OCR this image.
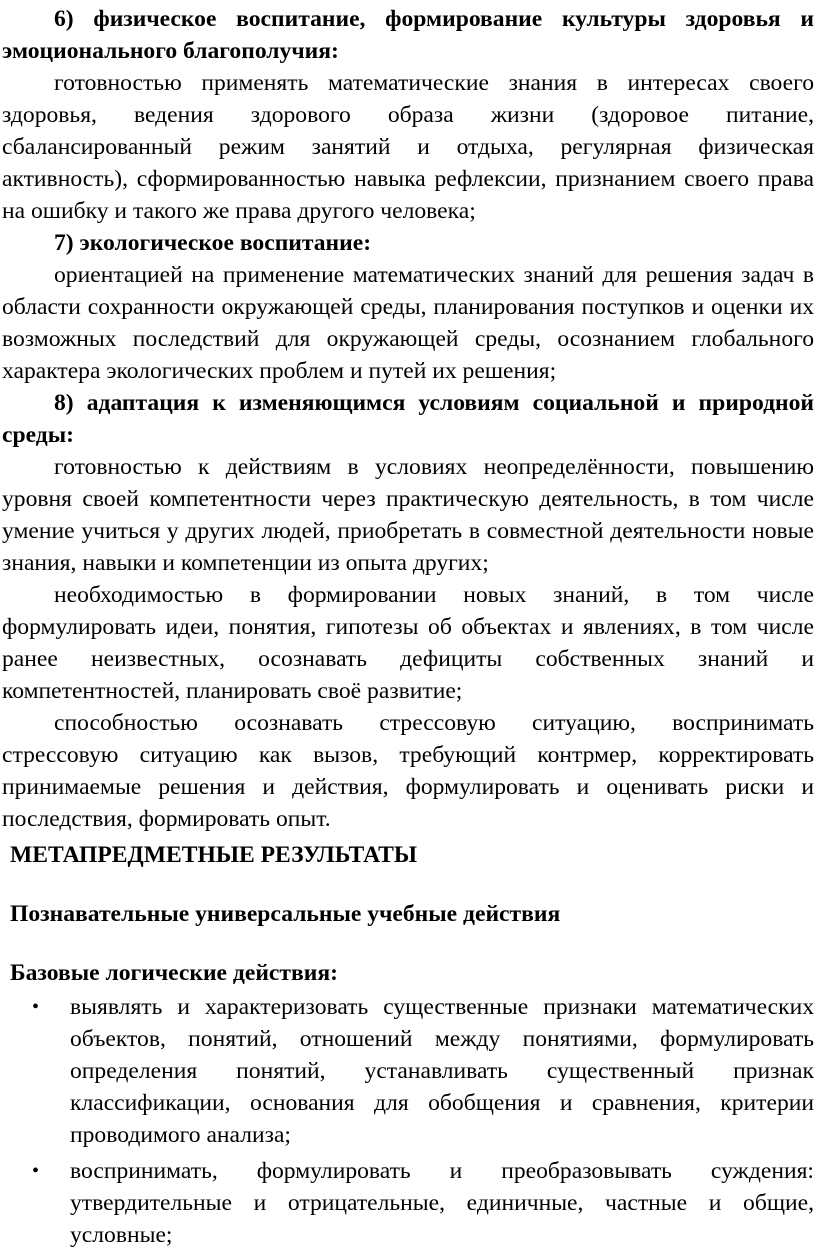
6) физическое воспитание, формирование культуры здоровья и эмоционального благополучия:

готовностью применять математические знания в интересах своего здоровья, ведения здорового образа жизни (здоровое питание, сбалансированный режим занятий и отдыха, регулярная физическая активность), сформированностью навыка рефлексии, признанием своего права на ошибку и такого же права другого человека;

7) экологическое воспитание:

ориентацией на применение математических знаний для решения задач в области сохранности окружающей среды, планирования поступков и оценки их возможных последствий для окружающей среды, осознанием глобального характера экологических проблем и путей их решения;

8) адаптация к изменяющимся условиям социальной и природной среды:

готовностью к действиям в условиях неопределённости, повышению уровня своей компетентности через практическую деятельность, в том числе умение учиться у других людей, приобретать в совместной деятельности новые знания, навыки и компетенции из опыта других;

необходимостью в формировании новых знаний, в том числе формулировать идеи, понятия, гипотезы об объектах и явлениях, в том числе ранее неизвестных, осознавать дефициты собственных знаний и компетентностей, планировать своё развитие;

способностью осознавать стрессовую ситуацию, воспринимать стрессовую ситуацию как вызов, требующий контрмер, корректировать принимаемые решения и действия, формулировать и оценивать риски и последствия, формировать опыт.

МЕТАПРЕДМЕТНЫЕ РЕЗУЛЬТАТЫ

Познавательные универсальные учебные действия

Базовые логические действия:

• выявлять и характеризовать существенные признаки математических объектов, понятий, отношений между понятиями, формулировать определения понятий, устанавливать существенный признак классификации, основания для обобщения и сравнения, критерии проводимого анализа;
• воспринимать, формулировать и преобразовывать суждения: утвердительные и отрицательные, единичные, частные и общие, условные;
